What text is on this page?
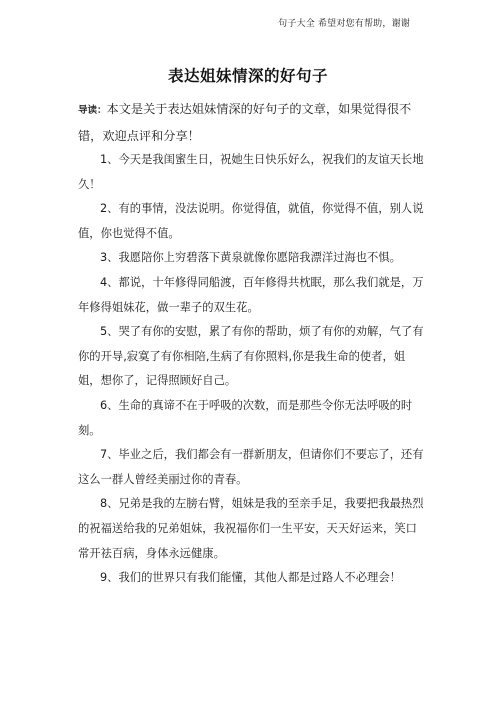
句子大全 希望对您有帮助，谢谢
表达姐妹情深的好句子

导读：本文是关于表达姐妹情深的好句子的文章，如果觉得很不错，欢迎点评和分享！

1、今天是我闺蜜生日，祝她生日快乐好么，祝我们的友谊天长地久！

2、有的事情，没法说明。你觉得值，就值，你觉得不值，别人说值，你也觉得不值。

3、我愿陪你上穷碧落下黄泉就像你愿陪我漂洋过海也不惧。

4、都说，十年修得同船渡，百年修得共枕眠，那么我们就是，万年修得姐妹花，做一辈子的双生花。

5、哭了有你的安慰，累了有你的帮助，烦了有你的劝解，气了有你的开导,寂寞了有你相陪,生病了有你照料,你是我生命的使者，姐姐，想你了，记得照顾好自己。

6、生命的真谛不在于呼吸的次数，而是那些令你无法呼吸的时刻。

7、毕业之后，我们都会有一群新朋友，但请你们不要忘了，还有这么一群人曾经美丽过你的青春。

8、兄弟是我的左膀右臂，姐妹是我的至亲手足，我要把我最热烈的祝福送给我的兄弟姐妹，我祝福你们一生平安，天天好运来，笑口常开祛百病，身体永远健康。

9、我们的世界只有我们能懂，其他人都是过路人不必理会！
